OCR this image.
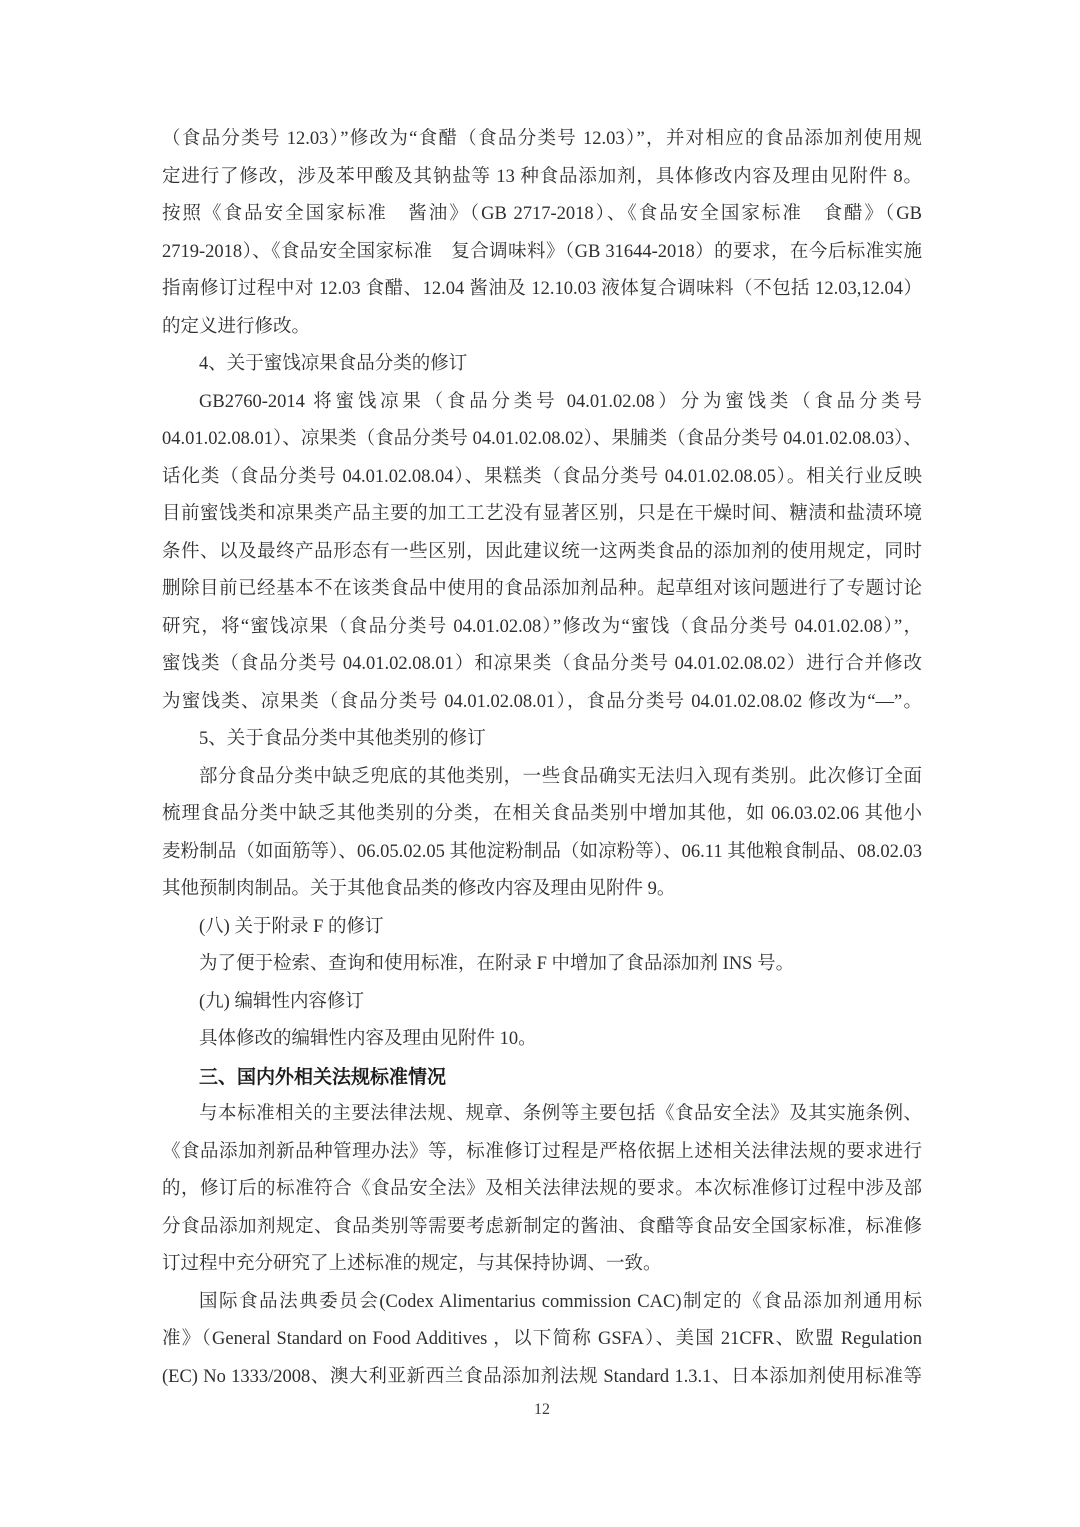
（食品分类号 12.03）”修改为“食醋（食品分类号 12.03）”，并对相应的食品添加剂使用规
定进行了修改，涉及苯甲酸及其钠盐等 13 种食品添加剂，具体修改内容及理由见附件 8。
按照《食品安全国家标准　酱油》（GB 2717-2018）、《食品安全国家标准　食醋》（GB
2719-2018）、《食品安全国家标准　复合调味料》（GB 31644-2018）的要求，在今后标准实施
指南修订过程中对 12.03 食醋、12.04 酱油及 12.10.03 液体复合调味料（不包括 12.03,12.04）
的定义进行修改。
4、关于蜜饯凉果食品分类的修订
GB2760-2014 将蜜饯凉果（食品分类号 04.01.02.08）分为蜜饯类（食品分类号
04.01.02.08.01）、凉果类（食品分类号 04.01.02.08.02）、果脯类（食品分类号 04.01.02.08.03）、
话化类（食品分类号 04.01.02.08.04）、果糕类（食品分类号 04.01.02.08.05）。相关行业反映
目前蜜饯类和凉果类产品主要的加工工艺没有显著区别，只是在干燥时间、糖渍和盐渍环境
条件、以及最终产品形态有一些区别，因此建议统一这两类食品的添加剂的使用规定，同时
删除目前已经基本不在该类食品中使用的食品添加剂品种。起草组对该问题进行了专题讨论
研究，将“蜜饯凉果（食品分类号 04.01.02.08）”修改为“蜜饯（食品分类号 04.01.02.08）”，
蜜饯类（食品分类号 04.01.02.08.01）和凉果类（食品分类号 04.01.02.08.02）进行合并修改
为蜜饯类、凉果类（食品分类号 04.01.02.08.01），食品分类号 04.01.02.08.02 修改为“—”。
5、关于食品分类中其他类别的修订
部分食品分类中缺乏兜底的其他类别，一些食品确实无法归入现有类别。此次修订全面
梳理食品分类中缺乏其他类别的分类，在相关食品类别中增加其他，如 06.03.02.06 其他小
麦粉制品（如面筋等）、06.05.02.05 其他淀粉制品（如凉粉等）、06.11 其他粮食制品、08.02.03
其他预制肉制品。关于其他食品类的修改内容及理由见附件 9。
(八) 关于附录 F 的修订
为了便于检索、查询和使用标准，在附录 F 中增加了食品添加剂 INS 号。
(九) 编辑性内容修订
具体修改的编辑性内容及理由见附件 10。
三、国内外相关法规标准情况
与本标准相关的主要法律法规、规章、条例等主要包括《食品安全法》及其实施条例、
《食品添加剂新品种管理办法》等，标准修订过程是严格依据上述相关法律法规的要求进行
的，修订后的标准符合《食品安全法》及相关法律法规的要求。本次标准修订过程中涉及部
分食品添加剂规定、食品类别等需要考虑新制定的酱油、食醋等食品安全国家标准，标准修
订过程中充分研究了上述标准的规定，与其保持协调、一致。
国际食品法典委员会(Codex Alimentarius commission CAC)制定的《食品添加剂通用标
准》（General Standard on Food Additives ，以下简称 GSFA）、美国 21CFR、欧盟 Regulation
(EC) No 1333/2008、澳大利亚新西兰食品添加剂法规 Standard 1.3.1、日本添加剂使用标准等
12
